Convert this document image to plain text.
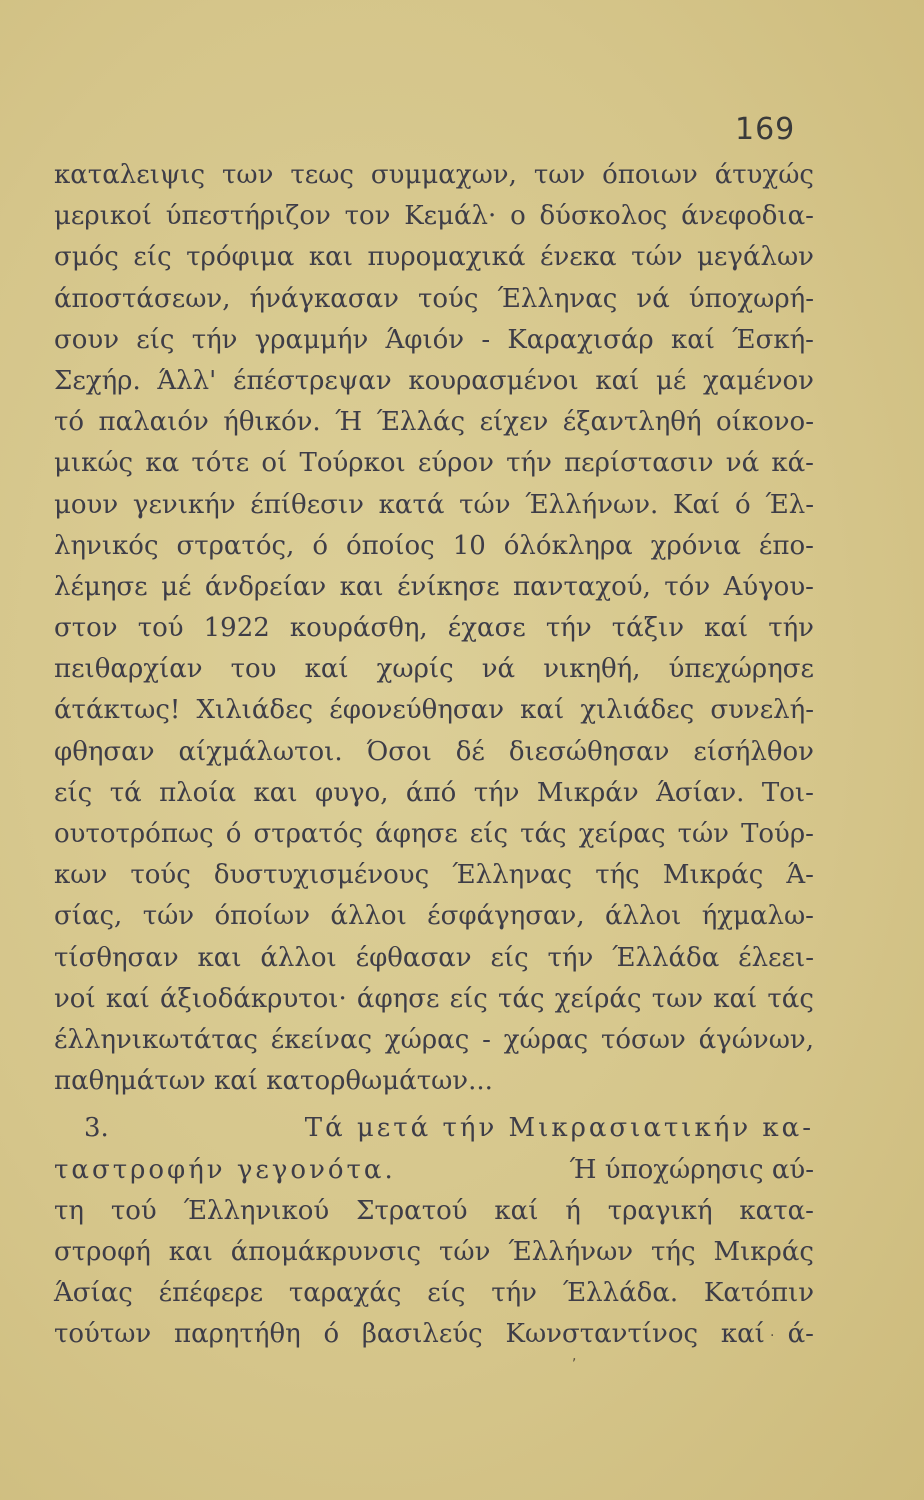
169
καταλειψις των τεως συμμαχων, των όποιων άτυχώς
μερικοί ύπεστήριζον τον Κεμάλ· ο δύσκολος άνεφοδια-
σμός είς τρόφιμα και πυρομαχικά ένεκα τών μεγάλων
άποστάσεων, ήνάγκασαν τούς Έλληνας νά ύποχωρή-
σουν είς τήν γραμμήν Άφιόν - Καραχισάρ καί Έσκή-
Σεχήρ. Άλλ' έπέστρεψαν κουρασμένοι καί μέ χαμένον
τό παλαιόν ήθικόν. Ή Έλλάς είχεν έξαντληθή οίκονο-
μικώς κα τότε οί Τούρκοι εύρον τήν περίστασιν νά κά-
μουν γενικήν έπίθεσιν κατά τών Έλλήνων. Καί ό Έλ-
ληνικός στρατός, ό όποίος 10 όλόκληρα χρόνια έπο-
λέμησε μέ άνδρείαν και ένίκησε πανταχού, τόν Αύγου-
στον τού 1922 κουράσθη, έχασε τήν τάξιν καί τήν
πειθαρχίαν του καί χωρίς νά νικηθή, ύπεχώρησε
άτάκτως! Χιλιάδες έφονεύθησαν καί χιλιάδες συνελή-
φθησαν αίχμάλωτοι. Όσοι δέ διεσώθησαν είσήλθον
είς τά πλοία και φυγο, άπό τήν Μικράν Άσίαν. Τοι-
ουτοτρόπως ό στρατός άφησε είς τάς χείρας τών Τούρ-
κων τούς δυστυχισμένους Έλληνας τής Μικράς Ά-
σίας, τών όποίων άλλοι έσφάγησαν, άλλοι ήχμαλω-
τίσθησαν και άλλοι έφθασαν είς τήν Έλλάδα έλεει-
νοί καί άξιοδάκρυτοι· άφησε είς τάς χείράς των καί τάς
έλληνικωτάτας έκείνας χώρας - χώρας τόσων άγώνων,
παθημάτων καί κατορθωμάτων...
3.	Τά μετά τήν Μικρασιατικήν κα-
ταστροφήν γεγονότα.	Ή ύποχώρησις αύ-
τη τού Έλληνικού Στρατού καί ή τραγική κατα-
στροφή και άπομάκρυνσις τών Έλλήνων τής Μικράς
Άσίας έπέφερε ταραχάς είς τήν Έλλάδα. Κατόπιν
τούτων παρητήθη ό βασιλεύς Κωνσταντίνος καί ά-
·
,
